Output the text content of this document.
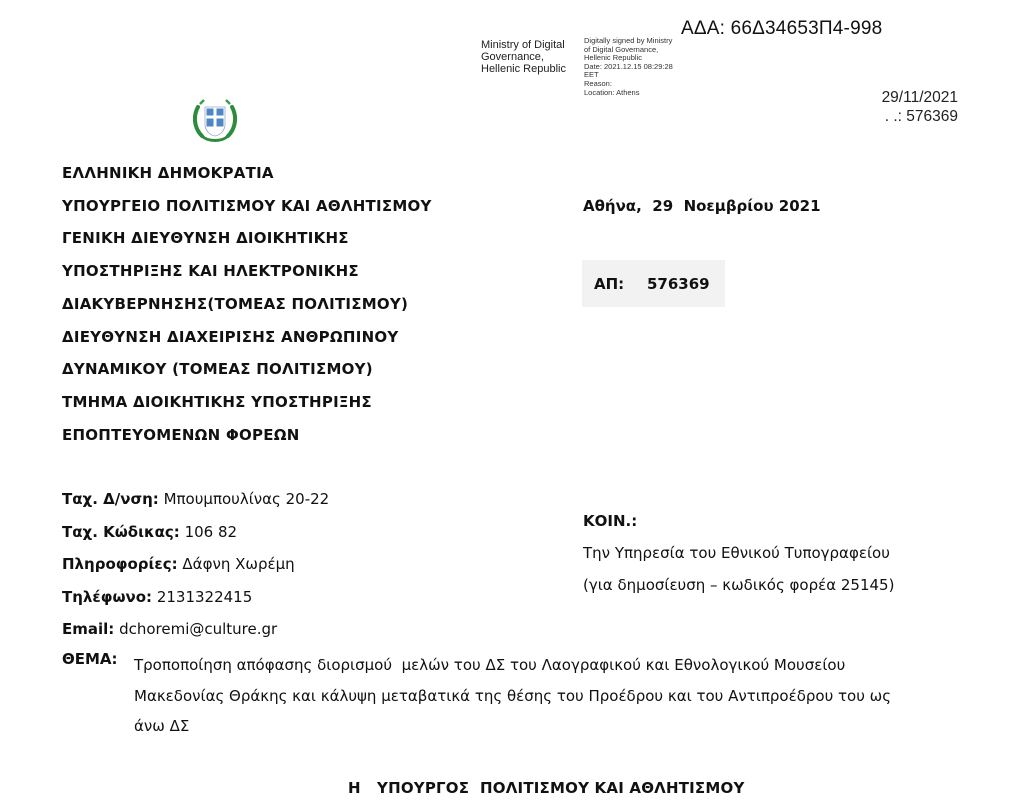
Ministry of Digital
Governance,
Hellenic Republic
Digitally signed by Ministry
of Digital Governance,
Hellenic Republic
Date: 2021.12.15 08:29:28
EET
Reason:
Location: Athens
ΑΔΑ: 66Δ34653Π4-998
29/11/2021
. .: 576369
ΕΛΛΗΝΙΚΗ ΔΗΜΟΚΡΑΤΙΑ
ΥΠΟΥΡΓΕΙΟ ΠΟΛΙΤΙΣΜΟΥ ΚΑΙ ΑΘΛΗΤΙΣΜΟΥ
ΓΕΝΙΚΗ ΔΙΕΥΘΥΝΣΗ ΔΙΟΙΚΗΤΙΚΗΣ
ΥΠΟΣΤΗΡΙΞΗΣ ΚΑΙ ΗΛΕΚΤΡΟΝΙΚΗΣ
ΔΙΑΚΥΒΕΡΝΗΣΗΣ(ΤΟΜΕΑΣ ΠΟΛΙΤΙΣΜΟΥ)
ΔΙΕΥΘΥΝΣΗ ΔΙΑΧΕΙΡΙΣΗΣ ΑΝΘΡΩΠΙΝΟΥ
ΔΥΝΑΜΙΚΟΥ (ΤΟΜΕΑΣ ΠΟΛΙΤΙΣΜΟΥ)
ΤΜΗΜΑ ΔΙΟΙΚΗΤΙΚΗΣ ΥΠΟΣΤΗΡΙΞΗΣ
ΕΠΟΠΤΕΥΟΜΕΝΩΝ ΦΟΡΕΩΝ
Αθήνα,  29  Νοεμβρίου 2021
ΑΠ: 576369
Ταχ. Δ/νση: Μπουμπουλίνας 20-22
Ταχ. Κώδικας: 106 82
Πληροφορίες: Δάφνη Χωρέμη
Τηλέφωνο: 2131322415
Email: dchoremi@culture.gr
ΚΟΙΝ.:
Την Υπηρεσία του Εθνικού Τυπογραφείου
(για δημοσίευση – κωδικός φορέα 25145)
ΘΕΜΑ: Τροποποίηση απόφασης διορισμού  μελών του ΔΣ του Λαογραφικού και Εθνολογικού Μουσείου
Μακεδονίας Θράκης και κάλυψη μεταβατικά της θέσης του Προέδρου και του Αντιπροέδρου του ως
άνω ΔΣ
Η   ΥΠΟΥΡΓΟΣ  ΠΟΛΙΤΙΣΜΟΥ ΚΑΙ ΑΘΛΗΤΙΣΜΟΥ
